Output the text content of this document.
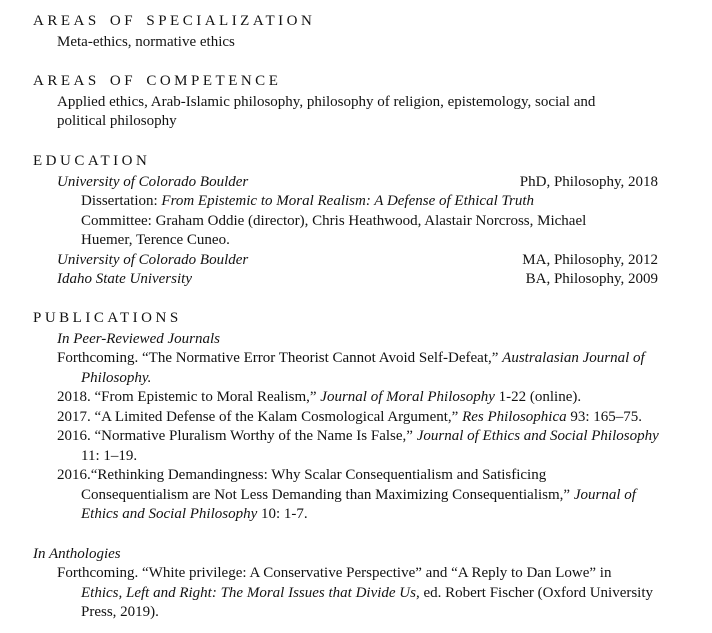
AREAS OF SPECIALIZATION
Meta-ethics, normative ethics
AREAS OF COMPETENCE
Applied ethics, Arab-Islamic philosophy, philosophy of religion, epistemology, social and
political philosophy
EDUCATION
University of Colorado Boulder	PhD, Philosophy, 2018
Dissertation: From Epistemic to Moral Realism: A Defense of Ethical Truth
Committee: Graham Oddie (director), Chris Heathwood, Alastair Norcross, Michael
Huemer, Terence Cuneo.
University of Colorado Boulder	MA, Philosophy, 2012
Idaho State University	BA, Philosophy, 2009
PUBLICATIONS
In Peer-Reviewed Journals
Forthcoming. “The Normative Error Theorist Cannot Avoid Self-Defeat,” Australasian Journal of
Philosophy.
2018. “From Epistemic to Moral Realism,” Journal of Moral Philosophy 1-22 (online).
2017. “A Limited Defense of the Kalam Cosmological Argument,” Res Philosophica 93: 165–75.
2016. “Normative Pluralism Worthy of the Name Is False,” Journal of Ethics and Social Philosophy
11: 1–19.
2016.“Rethinking Demandingness: Why Scalar Consequentialism and Satisficing
Consequentialism are Not Less Demanding than Maximizing Consequentialism,” Journal of
Ethics and Social Philosophy 10: 1-7.
In Anthologies
Forthcoming. “White privilege: A Conservative Perspective” and “A Reply to Dan Lowe” in
Ethics, Left and Right: The Moral Issues that Divide Us, ed. Robert Fischer (Oxford University
Press, 2019).
